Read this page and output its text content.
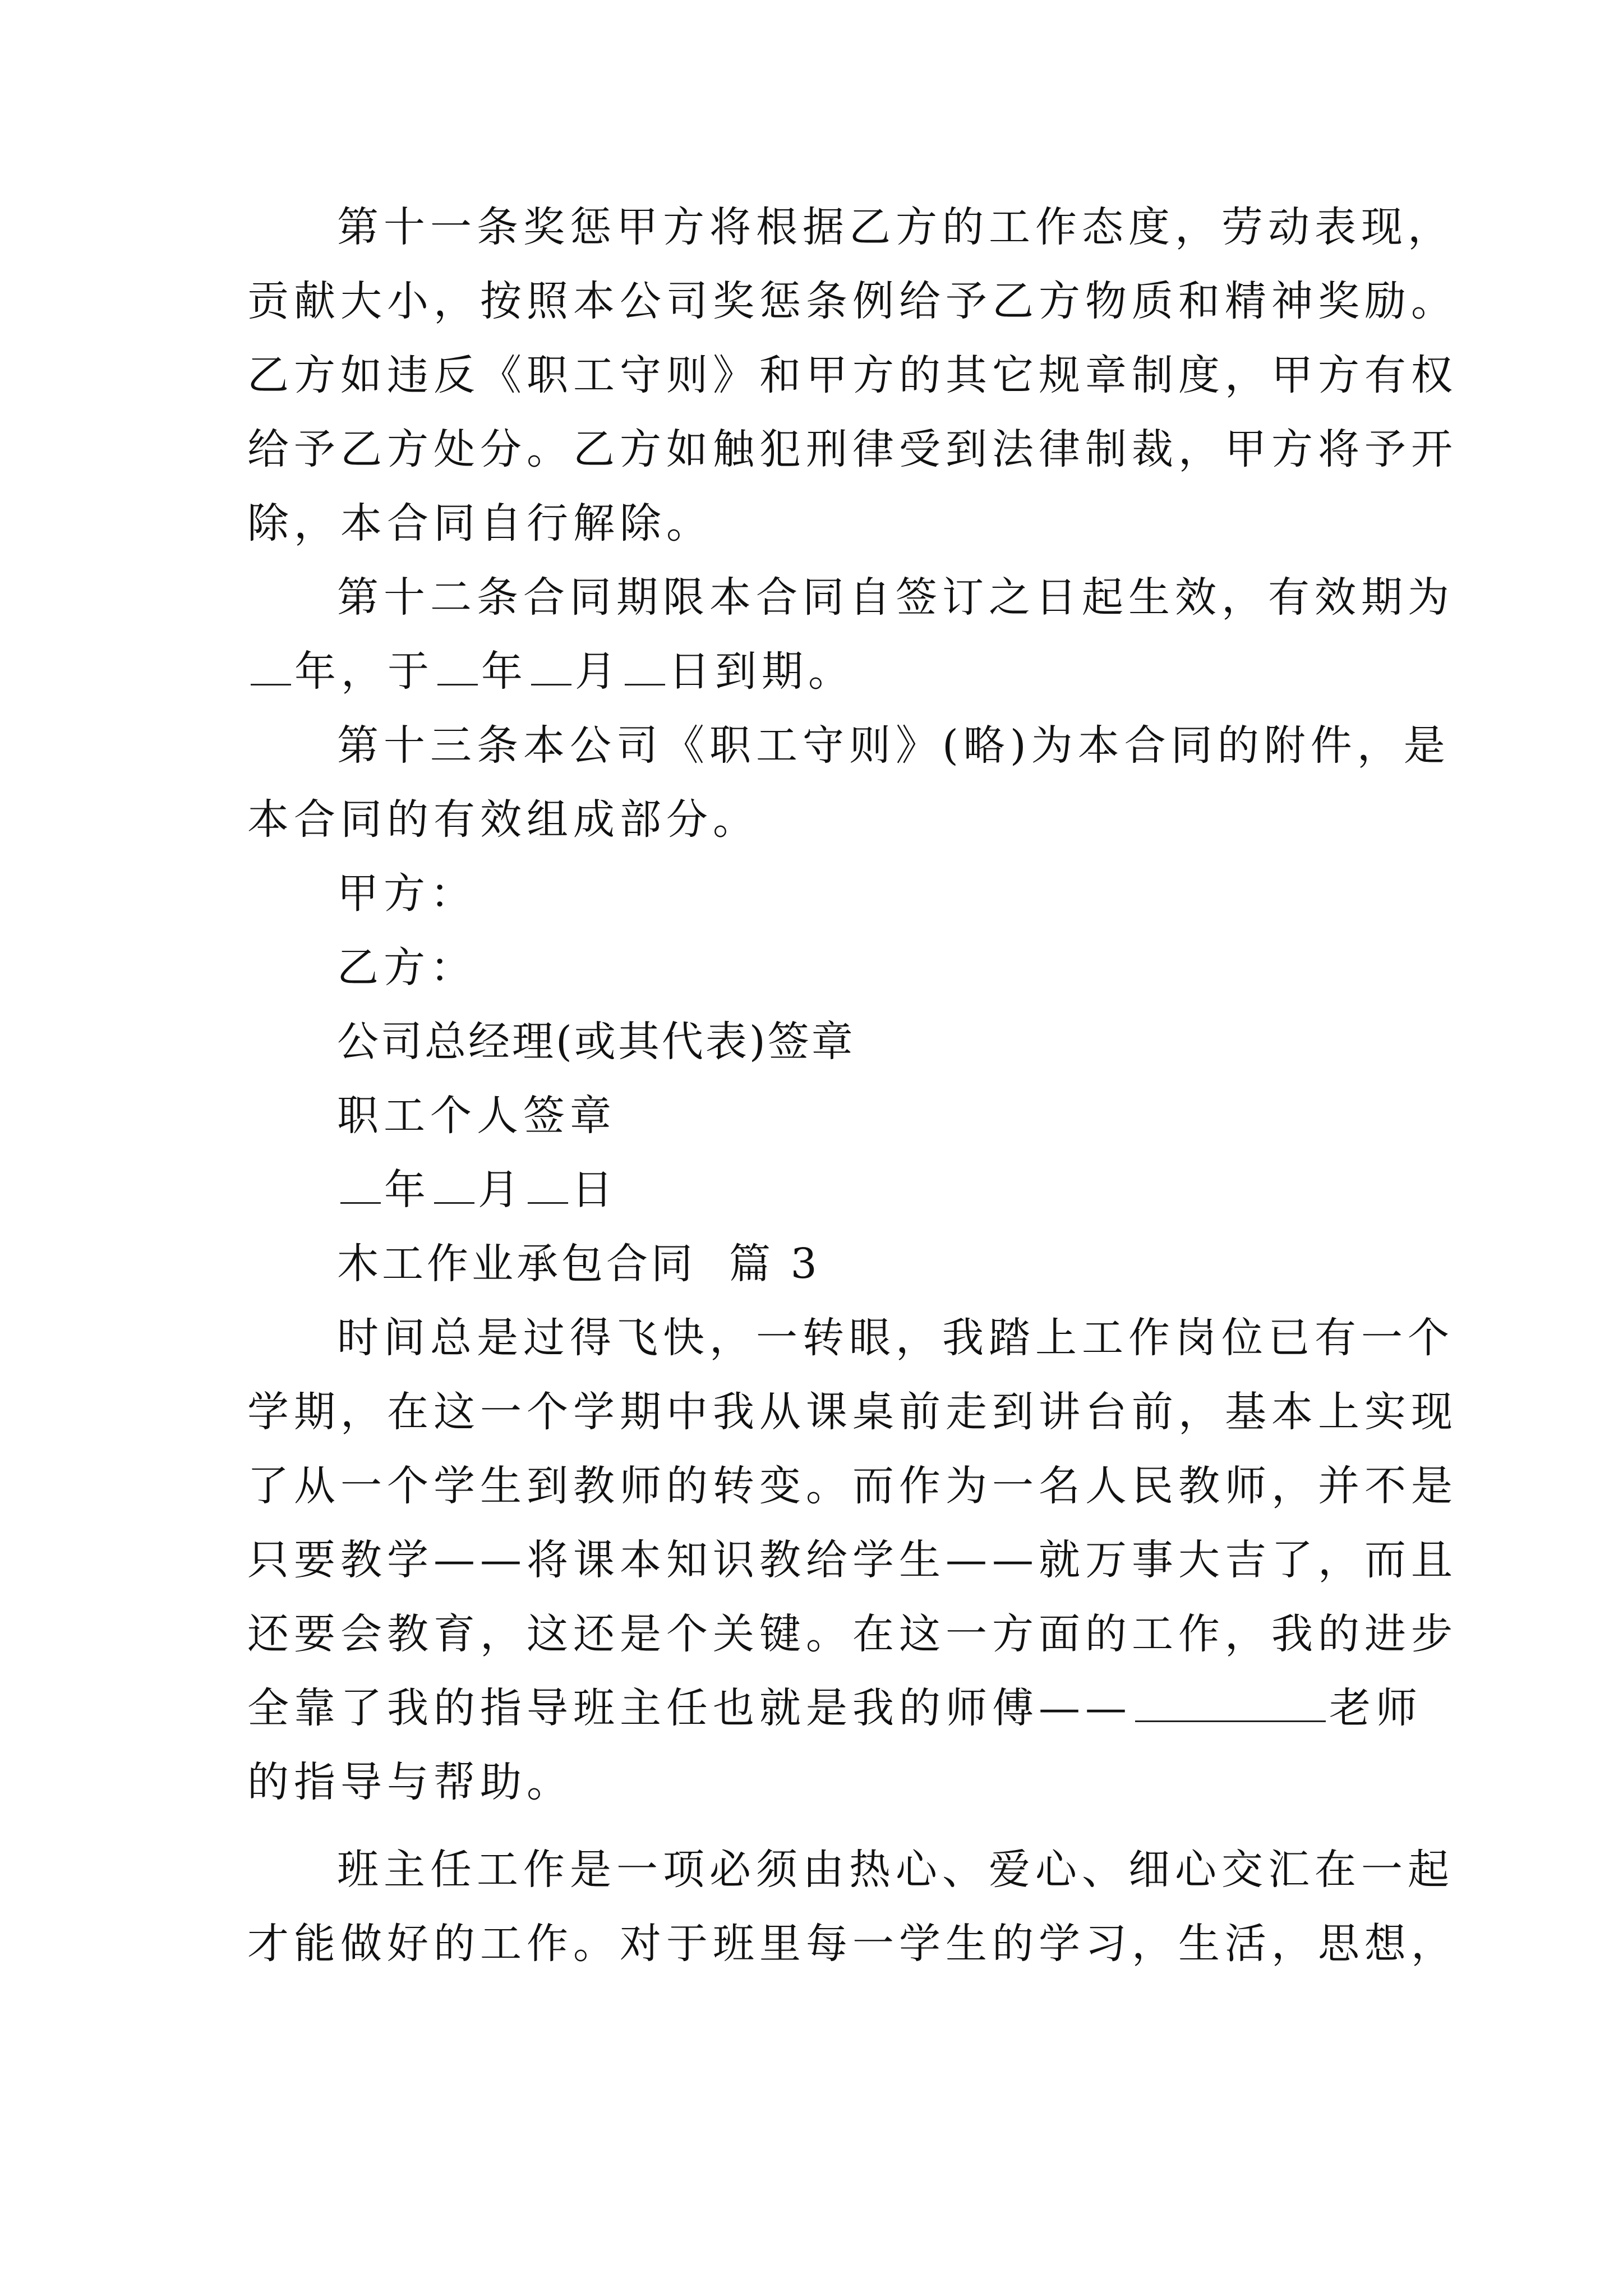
第十一条奖惩甲方将根据乙方的工作态度，劳动表现，
贡献大小，按照本公司奖惩条例给予乙方物质和精神奖励。
乙方如违反《职工守则》和甲方的其它规章制度，甲方有权
给予乙方处分。乙方如触犯刑律受到法律制裁，甲方将予开
除，本合同自行解除。
第十二条合同期限本合同自签订之日起生效，有效期为
年，于 年 月 日到期。
第十三条本公司《职工守则》(略)为本合同的附件，是
本合同的有效组成部分。
甲方：
乙方：
公司总经理(或其代表)签章
职工个人签章
年 月 日
木工作业承包合同  篇 3
时间总是过得飞快，一转眼，我踏上工作岗位已有一个
学期，在这一个学期中我从课桌前走到讲台前，基本上实现
了从一个学生到教师的转变。而作为一名人民教师，并不是
只要教学——将课本知识教给学生——就万事大吉了，而且
还要会教育，这还是个关键。在这一方面的工作，我的进步
全靠了我的指导班主任也就是我的师傅——	老师
的指导与帮助。
班主任工作是一项必须由热心、爱心、细心交汇在一起
才能做好的工作。对于班里每一学生的学习，生活，思想，
